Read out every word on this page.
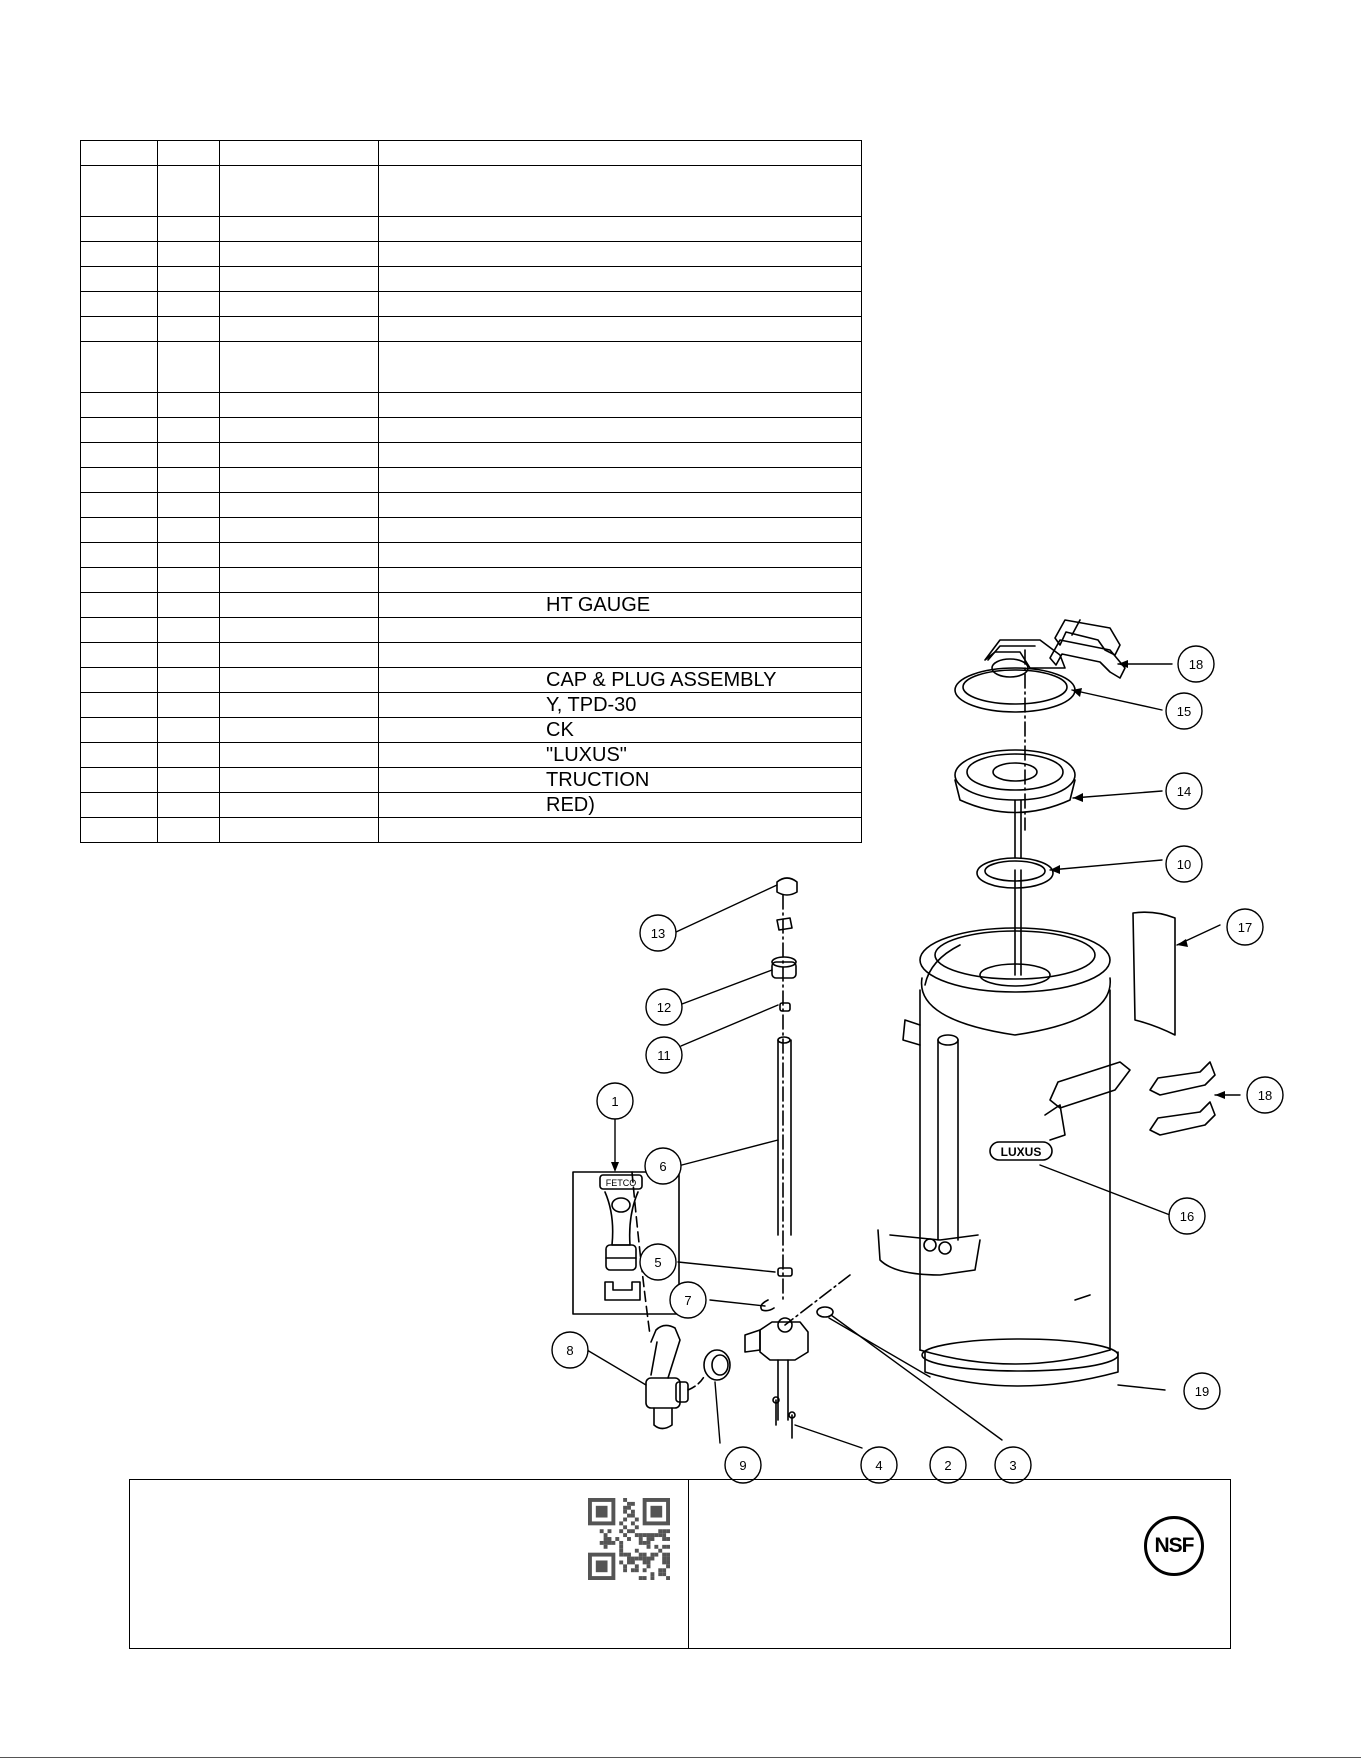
			HT GAUGE

			CAP & PLUG ASSEMBLY
			Y, TPD-30
			CK
			"LUXUS"
			TRUCTION
			RED)

LUXUS
FETCO
1
2	3
4
5
6
7
8
9
10
11
12
13
14
15
16
17
18
18
19
NSF
